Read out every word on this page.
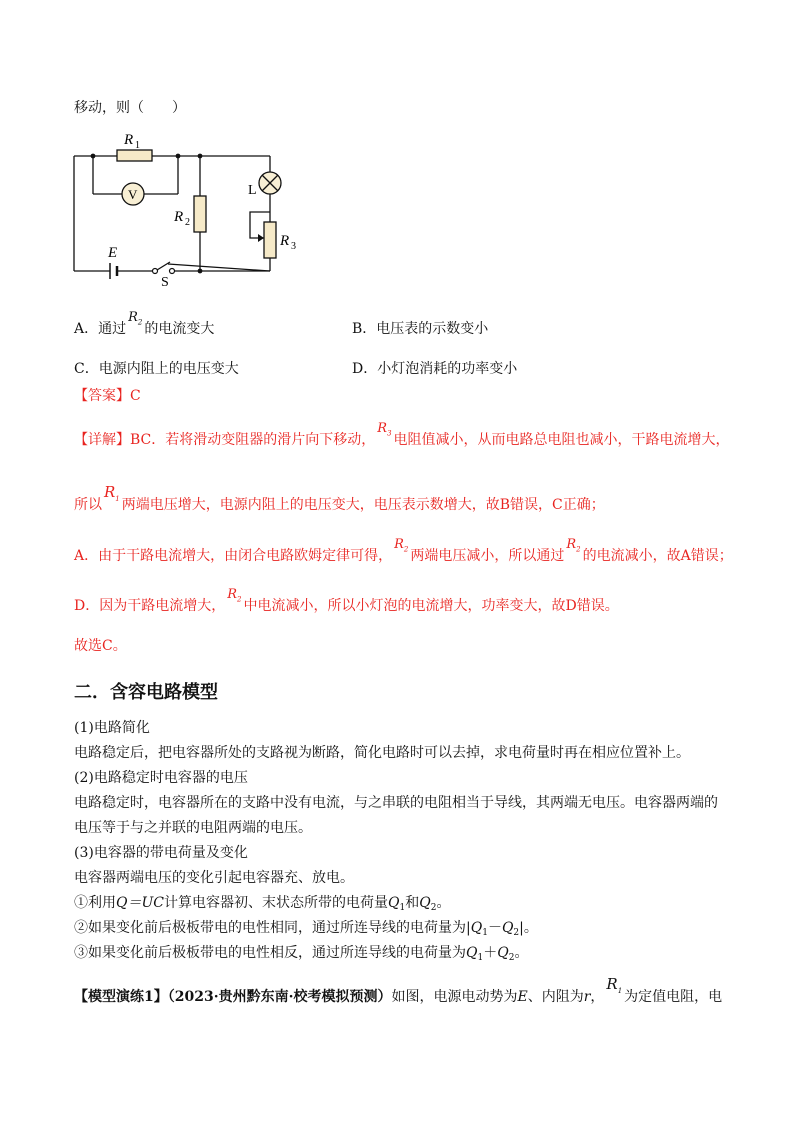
移动，则（　　）
R 1
V
R 2
L
R 3
E
S
A．通过$R_2$ 的电流变大	B．电压表的示数变小
C．电源内阻上的电压变大	D．小灯泡消耗的功率变小
【答案】C
【详解】BC．若将滑动变阻器的滑片向下移动，$R_3$ 电阻值减小，从而电路总电阻也减小，干路电流增大，
所以$R_1$ 两端电压增大，电源内阻上的电压变大，电压表示数增大，故B错误，C正确；
A．由于干路电流增大，由闭合电路欧姆定律可得，$R_2$ 两端电压减小，所以通过$R_2$ 的电流减小，故A错误；
D．因为干路电流增大，$R_2$ 中电流减小，所以小灯泡的电流增大，功率变大，故D错误。
故选C。
二．含容电路模型
(1)电路简化
电路稳定后，把电容器所处的支路视为断路，简化电路时可以去掉，求电荷量时再在相应位置补上。
(2)电路稳定时电容器的电压
电路稳定时，电容器所在的支路中没有电流，与之串联的电阻相当于导线，其两端无电压。电容器两端的
电压等于与之并联的电阻两端的电压。
(3)电容器的带电荷量及变化
电容器两端电压的变化引起电容器充、放电。
①利用Q＝UC计算电容器初、末状态所带的电荷量$Q_1$和$Q_2$。
②如果变化前后极板带电的电性相同，通过所连导线的电荷量为$|Q_1-Q_2|$。
③如果变化前后极板带电的电性相反，通过所连导线的电荷量为$Q_1+Q_2$。
【模型演练1】（2023·贵州黔东南·校考模拟预测）如图，电源电动势为E、内阻为r，$R_1$ 为定值电阻，电
